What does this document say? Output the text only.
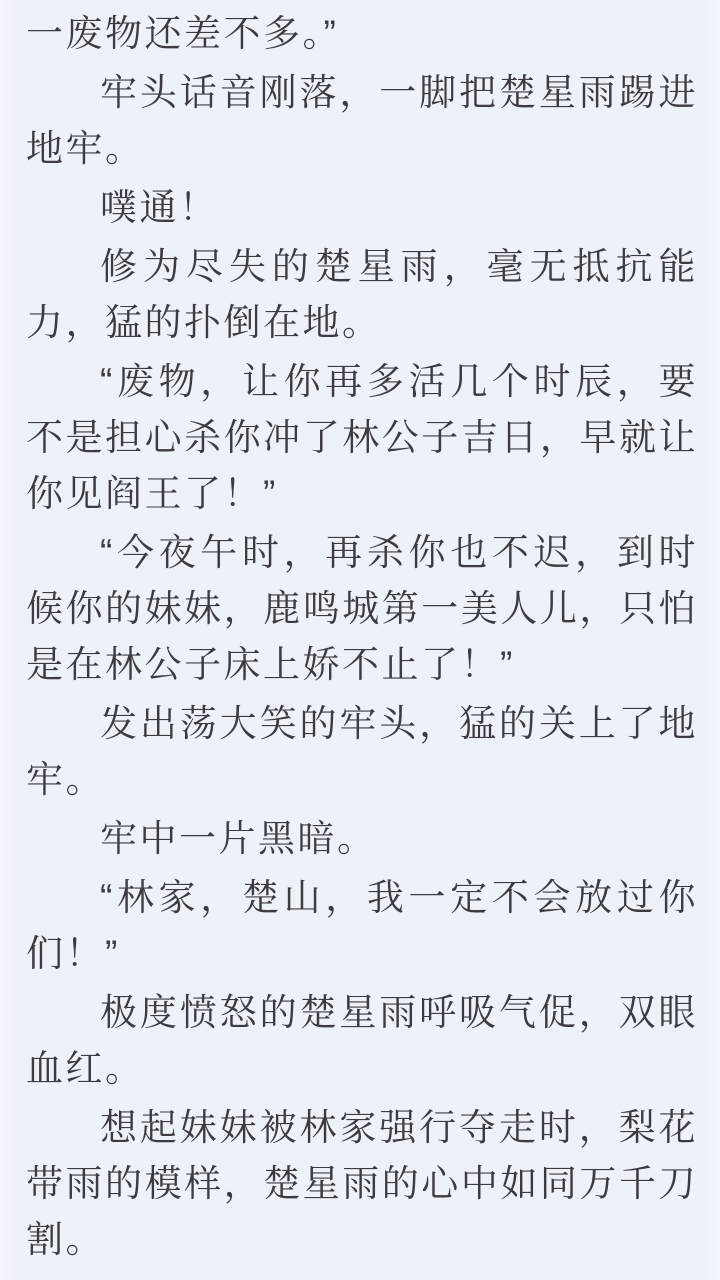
一废物还差不多。”

牢头话音刚落，一脚把楚星雨踢进地牢。

噗通！

修为尽失的楚星雨，毫无抵抗能力，猛的扑倒在地。

“废物，让你再多活几个时辰，要不是担心杀你冲了林公子吉日，早就让你见阎王了！”

“今夜午时，再杀你也不迟，到时候你的妹妹，鹿鸣城第一美人儿，只怕是在林公子床上娇不止了！”

发出荡大笑的牢头，猛的关上了地牢。

牢中一片黑暗。

“林家，楚山，我一定不会放过你们！”

极度愤怒的楚星雨呼吸气促，双眼血红。

想起妹妹被林家强行夺走时，梨花带雨的模样，楚星雨的心中如同万千刀割。
